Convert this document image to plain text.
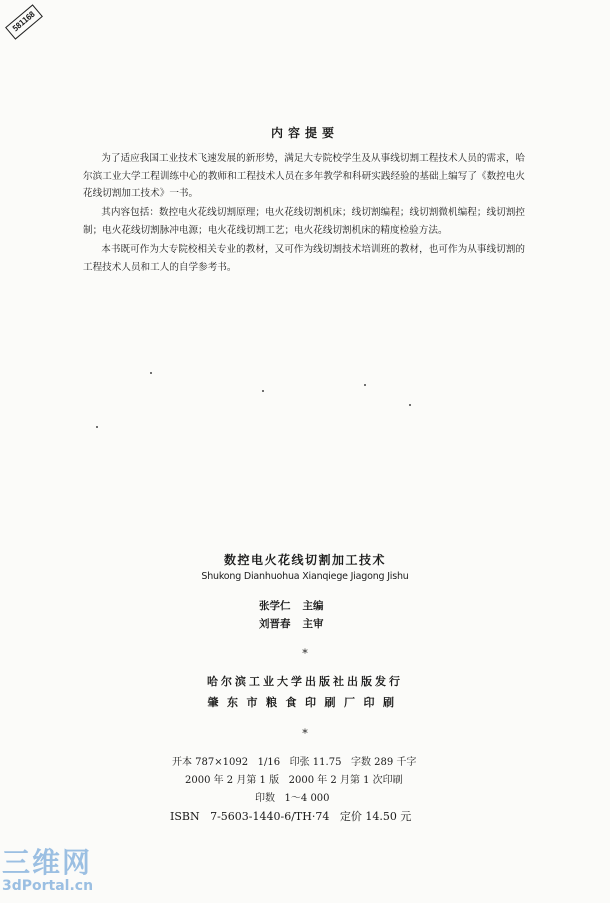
581168
内容提要

为了适应我国工业技术飞速发展的新形势，满足大专院校学生及从事线切割工程技术人员的需求，哈尔滨工业大学工程训练中心的教师和工程技术人员在多年教学和科研实践经验的基础上编写了《数控电火花线切割加工技术》一书。

其内容包括：数控电火花线切割原理；电火花线切割机床；线切割编程；线切割微机编程；线切割控制；电火花线切割脉冲电源；电火花线切割工艺；电火花线切割机床的精度检验方法。

本书既可作为大专院校相关专业的教材，又可作为线切割技术培训班的教材，也可作为从事线切割的工程技术人员和工人的自学参考书。

数控电火花线切割加工技术
Shukong Dianhuohua Xianqiege Jiagong Jishu
张学仁 主编
刘晋春 主审
*
哈尔滨工业大学出版社出版发行
肇东市粮食印刷厂印刷
*
开本 787×1092   1/16   印张 11.75   字数 289 千字
2000 年 2 月第 1 版   2000 年 2 月第 1 次印刷
印数   1～4 000
ISBN   7-5603-1440-6/TH·74   定价 14.50 元
三维网
3dPortal.cn
